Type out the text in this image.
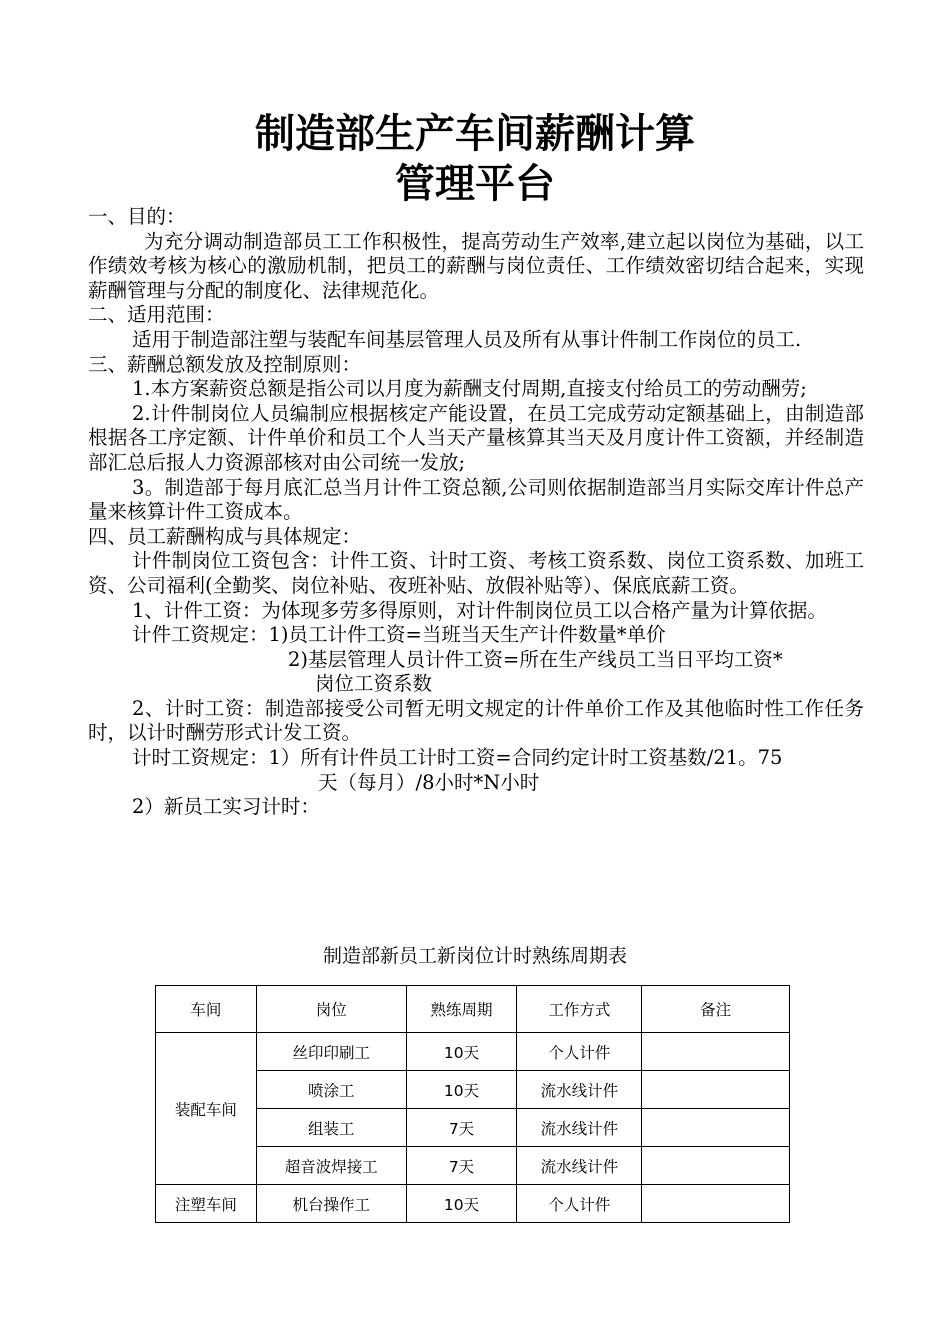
制造部生产车间薪酬计算
管理平台

一、目的：

为充分调动制造部员工工作积极性，提高劳动生产效率,建立起以岗位为基础，以工作绩效考核为核心的激励机制，把员工的薪酬与岗位责任、工作绩效密切结合起来，实现薪酬管理与分配的制度化、法律规范化。

二、适用范围：

适用于制造部注塑与装配车间基层管理人员及所有从事计件制工作岗位的员工.

三、薪酬总额发放及控制原则：

1.本方案薪资总额是指公司以月度为薪酬支付周期,直接支付给员工的劳动酬劳;

2.计件制岗位人员编制应根据核定产能设置，在员工完成劳动定额基础上，由制造部根据各工序定额、计件单价和员工个人当天产量核算其当天及月度计件工资额，并经制造部汇总后报人力资源部核对由公司统一发放;

3。制造部于每月底汇总当月计件工资总额,公司则依据制造部当月实际交库计件总产量来核算计件工资成本。

四、员工薪酬构成与具体规定：

计件制岗位工资包含：计件工资、计时工资、考核工资系数、岗位工资系数、加班工资、公司福利(全勤奖、岗位补贴、夜班补贴、放假补贴等）、保底底薪工资。

1、计件工资：为体现多劳多得原则，对计件制岗位员工以合格产量为计算依据。

计件工资规定：1)员工计件工资=当班当天生产计件数量*单价

2)基层管理人员计件工资=所在生产线员工当日平均工资*

岗位工资系数

2、计时工资：制造部接受公司暂无明文规定的计件单价工作及其他临时性工作任务时，以计时酬劳形式计发工资。

计时工资规定：1）所有计件员工计时工资=合同约定计时工资基数/21。75

天（每月）/8小时*N小时

2）新员工实习计时：

制造部新员工新岗位计时熟练周期表
车间	岗位	熟练周期	工作方式	备注
装配车间	丝印印刷工	10天	个人计件	
	喷涂工	10天	流水线计件	
	组装工	7天	流水线计件	
	超音波焊接工	7天	流水线计件	
注塑车间	机台操作工	10天	个人计件	
